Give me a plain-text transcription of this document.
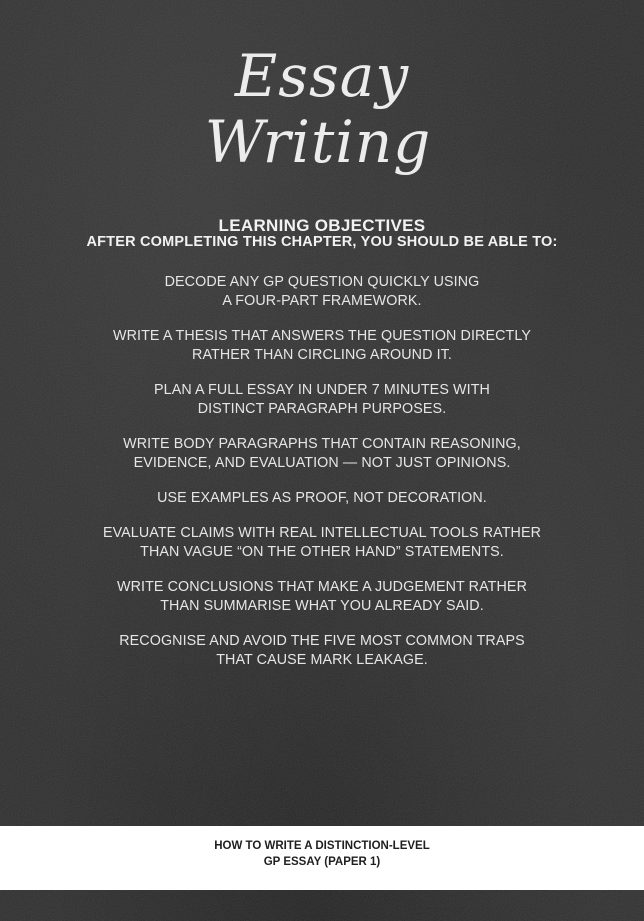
Essay
Writing
LEARNING OBJECTIVES
AFTER COMPLETING THIS CHAPTER, YOU SHOULD BE ABLE TO:
DECODE ANY GP QUESTION QUICKLY USING
A FOUR-PART FRAMEWORK.
WRITE A THESIS THAT ANSWERS THE QUESTION DIRECTLY
RATHER THAN CIRCLING AROUND IT.
PLAN A FULL ESSAY IN UNDER 7 MINUTES WITH
DISTINCT PARAGRAPH PURPOSES.
WRITE BODY PARAGRAPHS THAT CONTAIN REASONING,
EVIDENCE, AND EVALUATION — NOT JUST OPINIONS.
USE EXAMPLES AS PROOF, NOT DECORATION.
EVALUATE CLAIMS WITH REAL INTELLECTUAL TOOLS RATHER
THAN VAGUE “ON THE OTHER HAND” STATEMENTS.
WRITE CONCLUSIONS THAT MAKE A JUDGEMENT RATHER
THAN SUMMARISE WHAT YOU ALREADY SAID.
RECOGNISE AND AVOID THE FIVE MOST COMMON TRAPS
THAT CAUSE MARK LEAKAGE.

HOW TO WRITE A DISTINCTION-LEVEL
GP ESSAY (PAPER 1)
